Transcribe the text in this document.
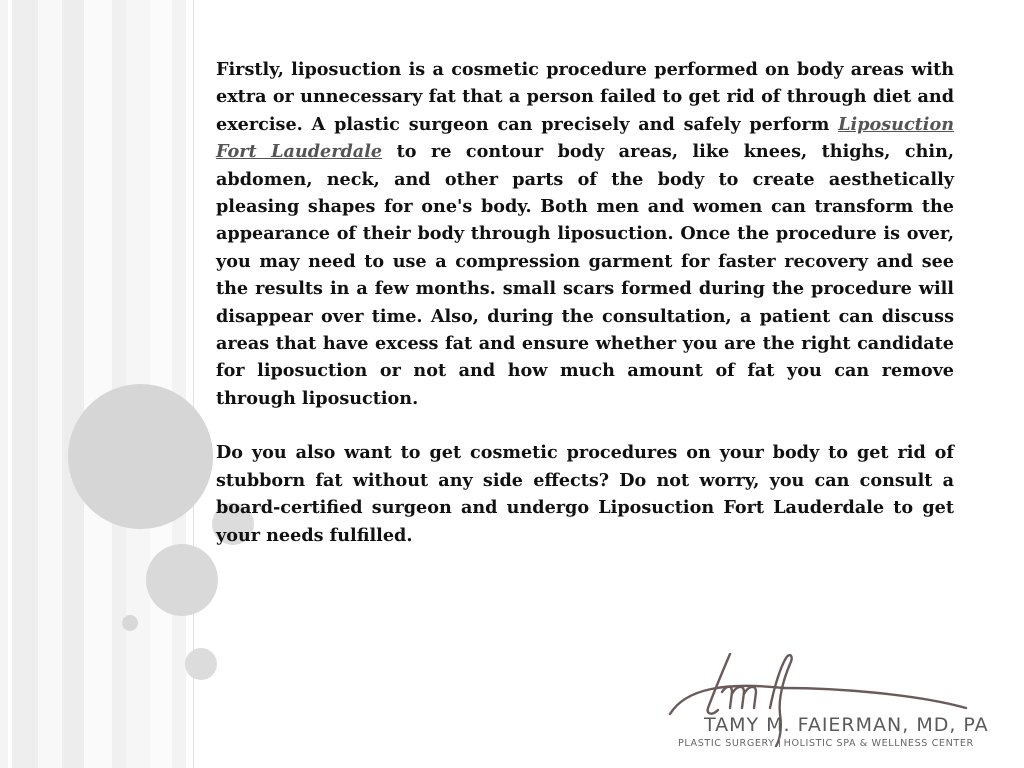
Firstly, liposuction is a cosmetic procedure performed on body areas with extra or unnecessary fat that a person failed to get rid of through diet and exercise. A plastic surgeon can precisely and safely perform Liposuction Fort Lauderdale to re contour body areas, like knees, thighs, chin, abdomen, neck, and other parts of the body to create aesthetically pleasing shapes for one's body. Both men and women can transform the appearance of their body through liposuction. Once the procedure is over, you may need to use a compression garment for faster recovery and see the results in a few months. small scars formed during the procedure will disappear over time. Also, during the consultation, a patient can discuss areas that have excess fat and ensure whether you are the right candidate for liposuction or not and how much amount of fat you can remove through liposuction.

Do you also want to get cosmetic procedures on your body to get rid of stubborn fat without any side effects? Do not worry, you can consult a board-certified surgeon and undergo Liposuction Fort Lauderdale to get your needs fulfilled.

TAMY M. FAIERMAN, MD, PA
PLASTIC SURGERY HOLISTIC SPA & WELLNESS CENTER
